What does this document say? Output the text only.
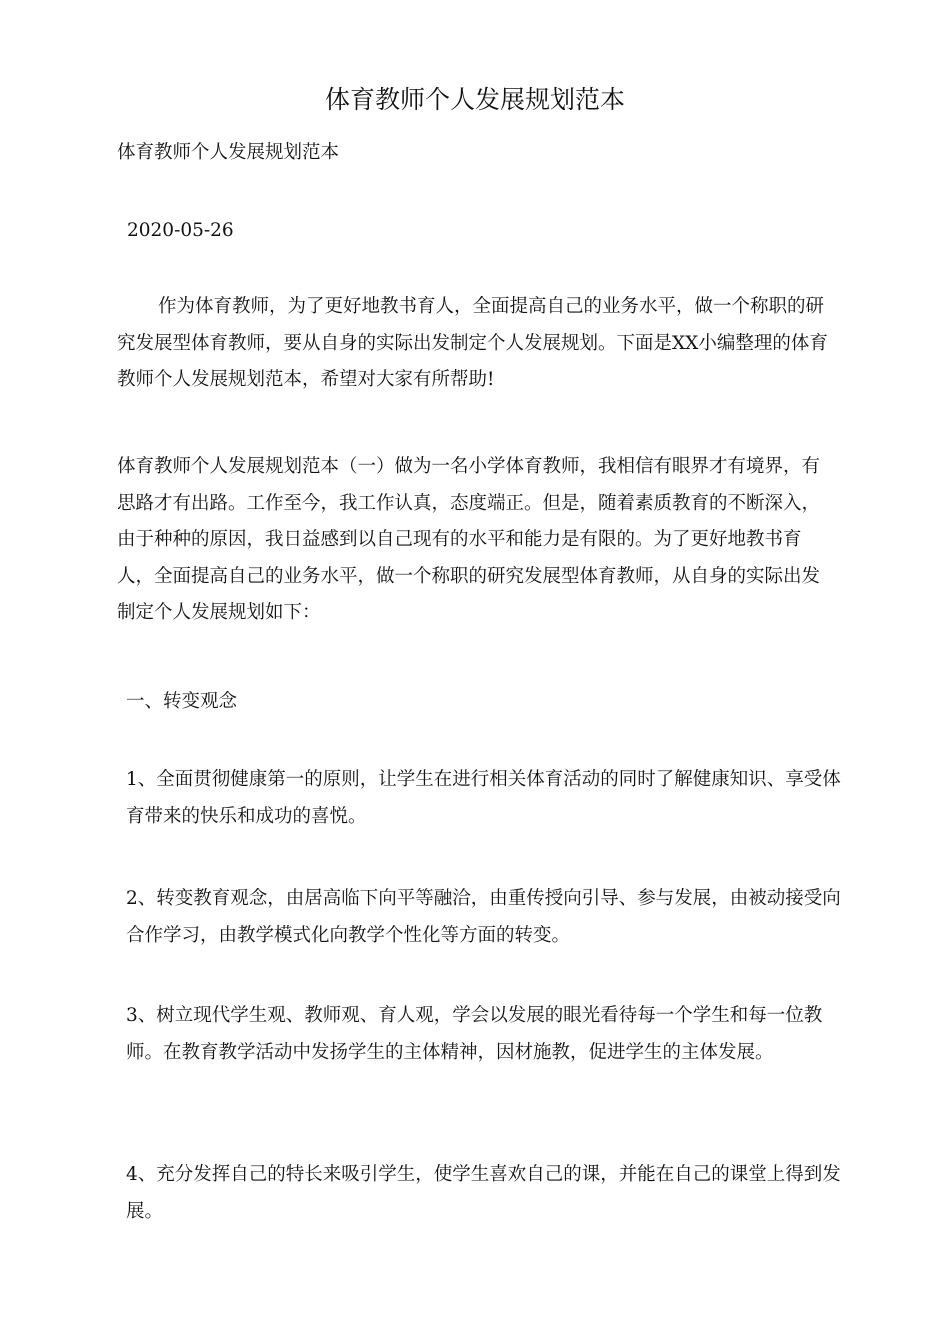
体育教师个人发展规划范本

体育教师个人发展规划范本

2020-05-26

作为体育教师，为了更好地教书育人，全面提高自己的业务水平，做一个称职的研究发展型体育教师，要从自身的实际出发制定个人发展规划。下面是XX小编整理的体育教师个人发展规划范本，希望对大家有所帮助!

体育教师个人发展规划范本（一）做为一名小学体育教师，我相信有眼界才有境界，有思路才有出路。工作至今，我工作认真，态度端正。但是，随着素质教育的不断深入，由于种种的原因，我日益感到以自己现有的水平和能力是有限的。为了更好地教书育人，全面提高自己的业务水平，做一个称职的研究发展型体育教师，从自身的实际出发制定个人发展规划如下：

一、转变观念

1、全面贯彻健康第一的原则，让学生在进行相关体育活动的同时了解健康知识、享受体育带来的快乐和成功的喜悦。

2、转变教育观念，由居高临下向平等融洽，由重传授向引导、参与发展，由被动接受向合作学习，由教学模式化向教学个性化等方面的转变。

3、树立现代学生观、教师观、育人观，学会以发展的眼光看待每一个学生和每一位教师。在教育教学活动中发扬学生的主体精神，因材施教，促进学生的主体发展。

4、充分发挥自己的特长来吸引学生，使学生喜欢自己的课，并能在自己的课堂上得到发展。
